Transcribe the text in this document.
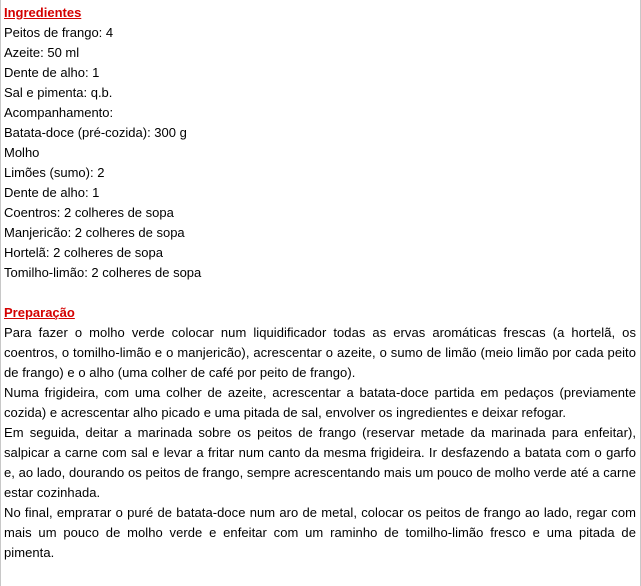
Ingredientes
Peitos de frango: 4
Azeite: 50 ml
Dente de alho: 1
Sal e pimenta: q.b.
Acompanhamento:
Batata-doce (pré-cozida): 300 g
Molho
Limões (sumo): 2
Dente de alho: 1
Coentros: 2 colheres de sopa
Manjericão: 2 colheres de sopa
Hortelã: 2 colheres de sopa
Tomilho-limão: 2 colheres de sopa
Preparação

Para fazer o molho verde colocar num liquidificador todas as ervas aromáticas frescas (a hortelã, os coentros, o tomilho-limão e o manjericão), acrescentar o azeite, o sumo de limão (meio limão por cada peito de frango) e o alho (uma colher de café por peito de frango).

Numa frigideira, com uma colher de azeite, acrescentar a batata-doce partida em pedaços (previamente cozida) e acrescentar alho picado e uma pitada de sal, envolver os ingredientes e deixar refogar.

Em seguida, deitar a marinada sobre os peitos de frango (reservar metade da marinada para enfeitar), salpicar a carne com sal e levar a fritar num canto da mesma frigideira. Ir desfazendo a batata com o garfo e, ao lado, dourando os peitos de frango, sempre acrescentando mais um pouco de molho verde até a carne estar cozinhada.

No final, emprатar o puré de batata-doce num aro de metal, colocar os peitos de frango ao lado, regar com mais um pouco de molho verde e enfeitar com um raminho de tomilho-limão fresco e uma pitada de pimenta.
